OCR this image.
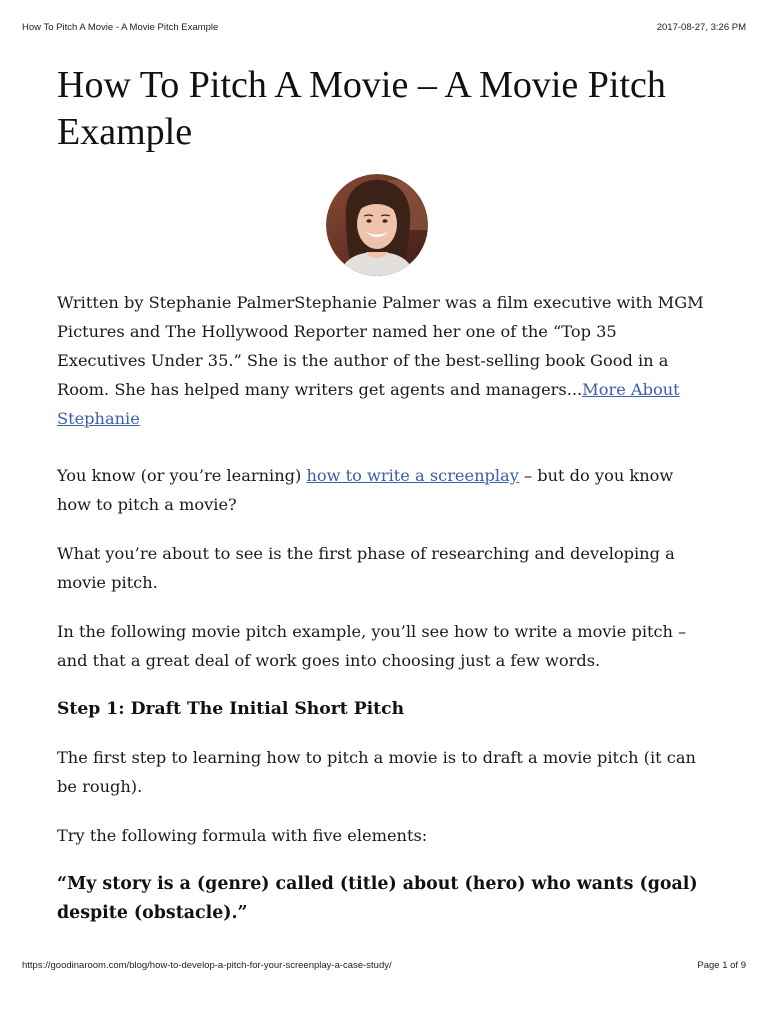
How To Pitch A Movie - A Movie Pitch Example	2017-08-27, 3:26 PM
How To Pitch A Movie – A Movie Pitch Example

Written by Stephanie PalmerStephanie Palmer was a film executive with MGM Pictures and The Hollywood Reporter named her one of the “Top 35 Executives Under 35.” She is the author of the best-selling book Good in a Room. She has helped many writers get agents and managers...More About Stephanie

You know (or you’re learning) how to write a screenplay – but do you know how to pitch a movie?

What you’re about to see is the first phase of researching and developing a movie pitch.

In the following movie pitch example, you’ll see how to write a movie pitch – and that a great deal of work goes into choosing just a few words.

Step 1: Draft The Initial Short Pitch

The first step to learning how to pitch a movie is to draft a movie pitch (it can be rough).

Try the following formula with five elements:

“My story is a (genre) called (title) about (hero) who wants (goal) despite (obstacle).”
https://goodinaroom.com/blog/how-to-develop-a-pitch-for-your-screenplay-a-case-study/	Page 1 of 9
